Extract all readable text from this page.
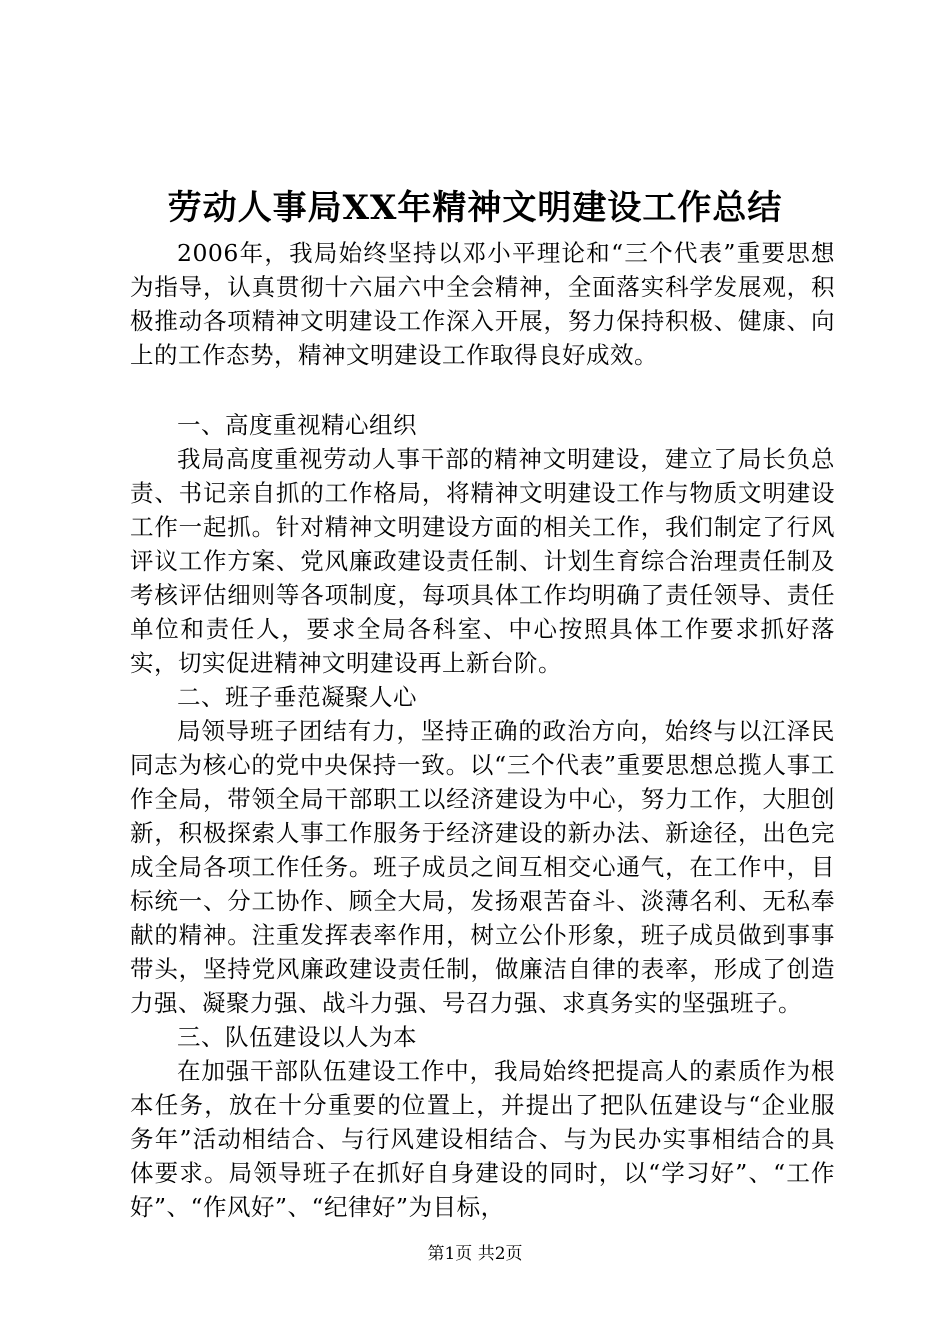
劳动人事局XX年精神文明建设工作总结

2006年，我局始终坚持以邓小平理论和“三个代表”重要思想为指导，认真贯彻十六届六中全会精神，全面落实科学发展观，积极推动各项精神文明建设工作深入开展，努力保持积极、健康、向上的工作态势，精神文明建设工作取得良好成效。

一、高度重视精心组织

我局高度重视劳动人事干部的精神文明建设，建立了局长负总责、书记亲自抓的工作格局，将精神文明建设工作与物质文明建设工作一起抓。针对精神文明建设方面的相关工作，我们制定了行风评议工作方案、党风廉政建设责任制、计划生育综合治理责任制及考核评估细则等各项制度，每项具体工作均明确了责任领导、责任单位和责任人，要求全局各科室、中心按照具体工作要求抓好落实，切实促进精神文明建设再上新台阶。

二、班子垂范凝聚人心

局领导班子团结有力，坚持正确的政治方向，始终与以江泽民同志为核心的党中央保持一致。以“三个代表”重要思想总揽人事工作全局，带领全局干部职工以经济建设为中心，努力工作，大胆创新，积极探索人事工作服务于经济建设的新办法、新途径，出色完成全局各项工作任务。班子成员之间互相交心通气，在工作中，目标统一、分工协作、顾全大局，发扬艰苦奋斗、淡薄名利、无私奉献的精神。注重发挥表率作用，树立公仆形象，班子成员做到事事带头，坚持党风廉政建设责任制，做廉洁自律的表率，形成了创造力强、凝聚力强、战斗力强、号召力强、求真务实的坚强班子。

三、队伍建设以人为本

在加强干部队伍建设工作中，我局始终把提高人的素质作为根本任务，放在十分重要的位置上，并提出了把队伍建设与“企业服务年”活动相结合、与行风建设相结合、与为民办实事相结合的具体要求。局领导班子在抓好自身建设的同时，以“学习好”、“工作好”、“作风好”、“纪律好”为目标，

第1页 共2页
